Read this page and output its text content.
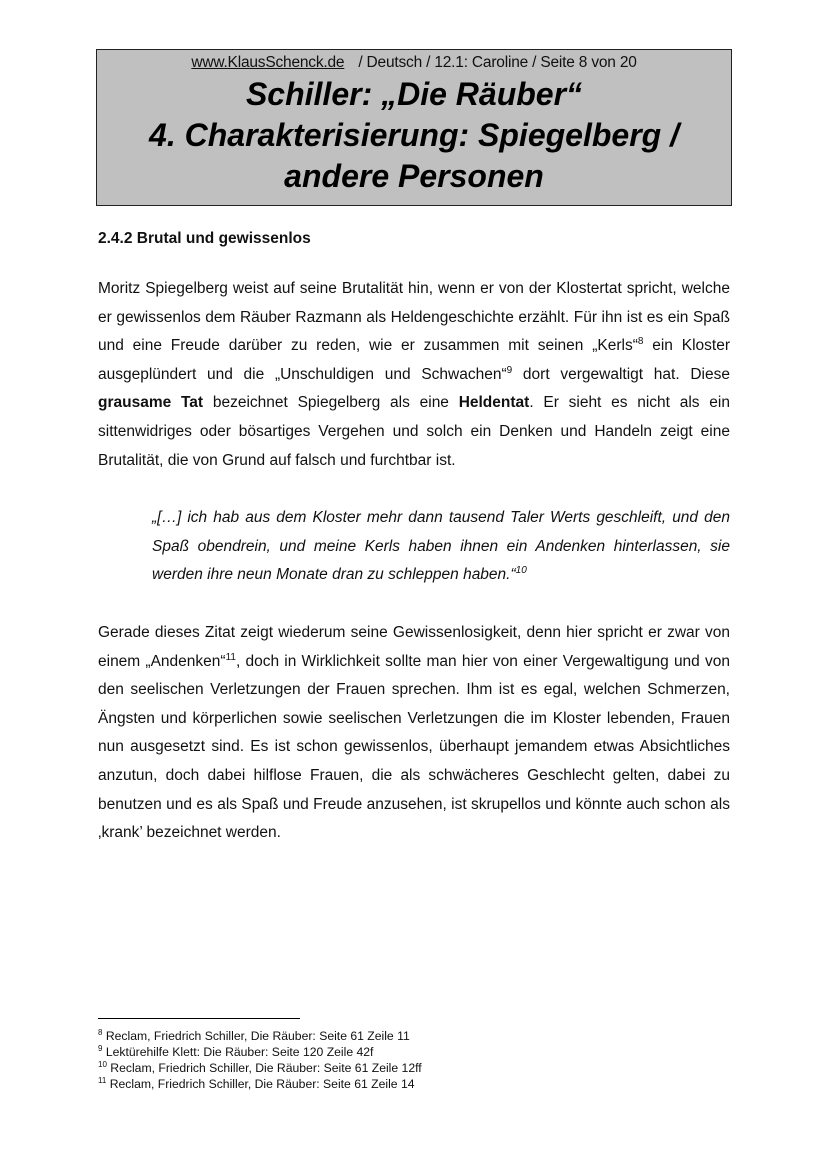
www.KlausSchenck.de / Deutsch / 12.1: Caroline / Seite 8 von 20
Schiller: „Die Räuber“
4. Charakterisierung: Spiegelberg /
andere Personen
2.4.2 Brutal und gewissenlos

Moritz Spiegelberg weist auf seine Brutalität hin, wenn er von der Klostertat spricht, welche er gewissenlos dem Räuber Razmann als Heldengeschichte erzählt. Für ihn ist es ein Spaß und eine Freude darüber zu reden, wie er zusammen mit seinen „Kerls“$^8$ ein Kloster ausgeplündert und die „Unschuldigen und Schwachen“$^9$ dort vergewaltigt hat. Diese grausame Tat bezeichnet Spiegelberg als eine Heldentat. Er sieht es nicht als ein sittenwidriges oder bösartiges Vergehen und solch ein Denken und Handeln zeigt eine Brutalität, die von Grund auf falsch und furchtbar ist.

„[…] ich hab aus dem Kloster mehr dann tausend Taler Werts geschleift, und den Spaß obendrein, und meine Kerls haben ihnen ein Andenken hinterlassen, sie werden ihre neun Monate dran zu schleppen haben.“$^{10}$

Gerade dieses Zitat zeigt wiederum seine Gewissenlosigkeit, denn hier spricht er zwar von einem „Andenken“$^{11}$, doch in Wirklichkeit sollte man hier von einer Vergewaltigung und von den seelischen Verletzungen der Frauen sprechen. Ihm ist es egal, welchen Schmerzen, Ängsten und körperlichen sowie seelischen Verletzungen die im Kloster lebenden, Frauen nun ausgesetzt sind. Es ist schon gewissenlos, überhaupt jemandem etwas Absichtliches anzutun, doch dabei hilflose Frauen, die als schwächeres Geschlecht gelten, dabei zu benutzen und es als Spaß und Freude anzusehen, ist skrupellos und könnte auch schon als ‚krank’ bezeichnet werden.

$^8$ Reclam, Friedrich Schiller, Die Räuber: Seite 61 Zeile 11
$^9$ Lektürehilfe Klett: Die Räuber: Seite 120 Zeile 42f
$^{10}$ Reclam, Friedrich Schiller, Die Räuber: Seite 61 Zeile 12ff
$^{11}$ Reclam, Friedrich Schiller, Die Räuber: Seite 61 Zeile 14
